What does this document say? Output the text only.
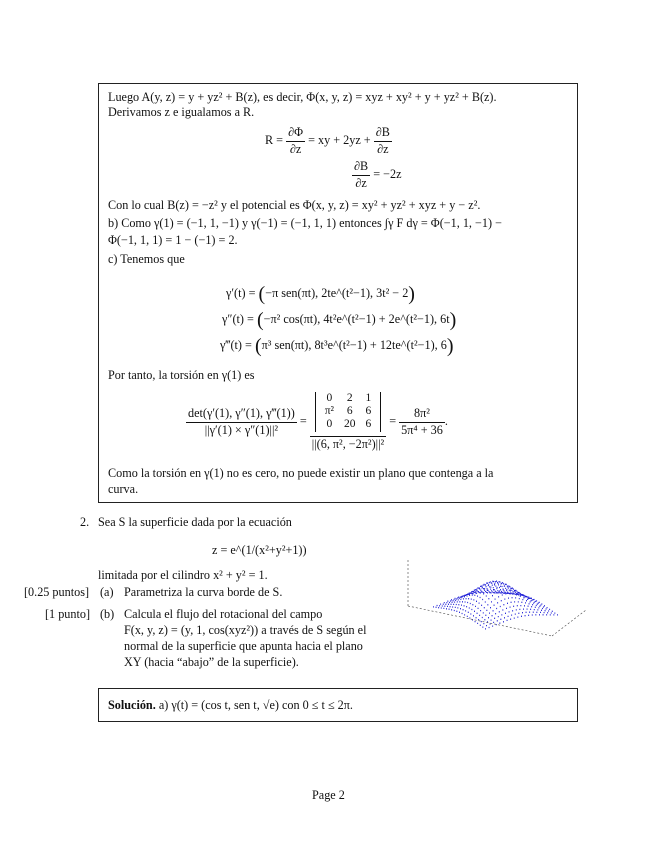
Luego A(y, z) = y + yz² + B(z), es decir, Φ(x, y, z) = xyz + xy² + y + yz² + B(z).
Derivamos z e igualamos a R.
$R = \frac{\partial\Phi}{\partial z}$ = xy + $2yz + \frac{\partial B}{\partial z}$
$\frac{\partial B}{\partial z} = -2z$
Con lo cual B(z) = −z² y el potencial es Φ(x, y, z) = xy² + yz² + xyz + y − z².
b) Como γ(1) = (−1, 1, −1) y γ(−1) = (−1, 1, 1) entonces ∫γ F dγ = Φ(−1, 1, −1) −
Φ(−1, 1, 1) = 1 − (−1) = 2.
c) Tenemos que
γ′(t) = (−π sen(πt), 2te^(t²−1), 3t² − 2)
γ″(t) = (−π² cos(πt), 4t²e^(t²−1) + 2e^(t²−1), 6t)
γ‴(t) = (π³ sen(πt), 8t³e^(t²−1) + 12te^(t²−1), 6)
Por tanto, la torsión en γ(1) es
$\frac{\det(\gamma'(1), \gamma''(1), \gamma‴(1))}{\text{||γ′(1) × γ″(1)||²}} = 0$	2	1
π²	6	6
0	20	6
||(6, π², $-2\pi^2)||^2 = \frac{\text{8π²}}{\text{5π⁴ + 36}}$ .
Como la torsión en γ(1) no es cero, no puede existir un plano que contenga a la
curva.
2. Sea S la superficie dada por la ecuación
z = e^(1/(x²+y²+1))
limitada por el cilindro x² + y² = 1.
[0.25 puntos] (a) Parametriza la curva borde de S.
[1 punto] (b) Calcula el flujo del rotacional del campo
F(x, y, z) = (y, 1, cos(xyz²)) a través de S según el
normal de la superficie que apunta hacia el plano
XY (hacia “abajo” de la superficie).
Solución. a) γ(t) = (cos t, sen t, √e) con 0 ≤ t ≤ 2π.
Page 2
